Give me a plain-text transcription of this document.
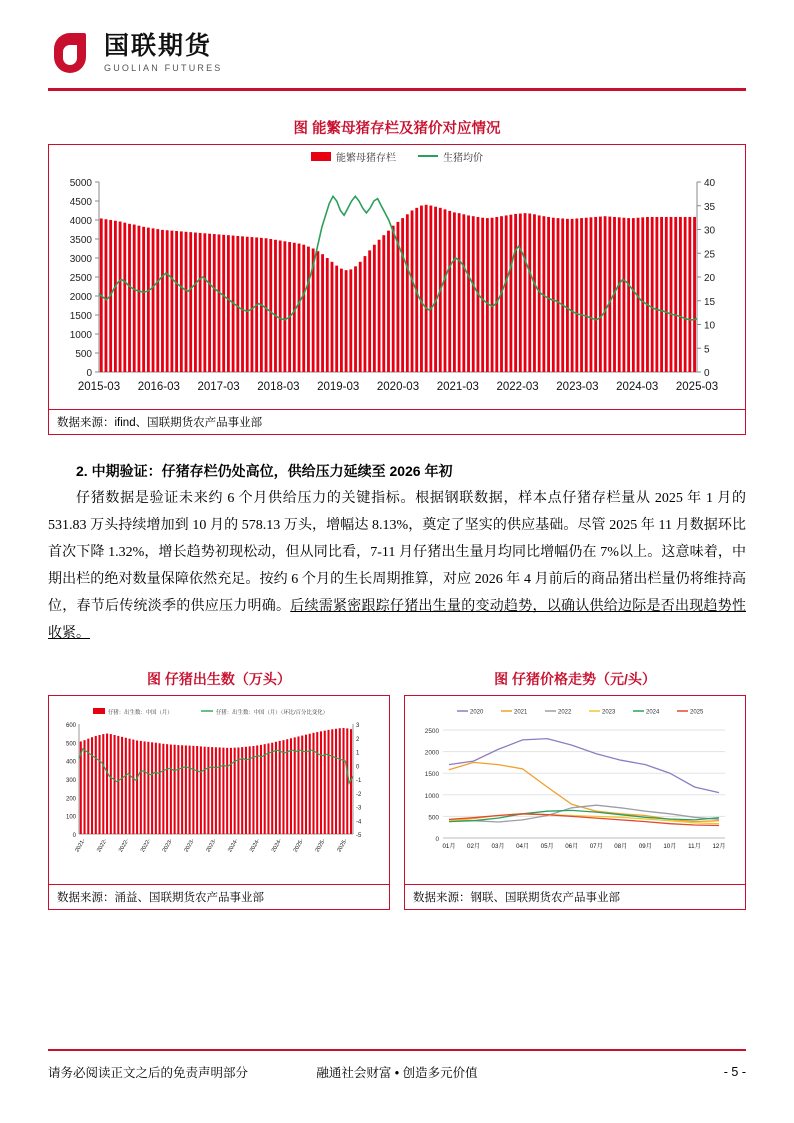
国联期货
GUOLIAN FUTURES
图 能繁母猪存栏及猪价对应情况
能繁母猪存栏	生猪均价
0
500
1000
1500
2000
2500
3000
3500
4000
4500
5000
0
5
10
15
20
25
30
35
40
2015-03 2016-03 2017-03 2018-03 2019-03 2020-03 2021-03 2022-03 2023-03 2024-03 2025-03
数据来源：ifind、国联期货农产品事业部
2. 中期验证：仔猪存栏仍处高位，供给压力延续至 2026 年初

仔猪数据是验证未来约 6 个月供给压力的关键指标。根据钢联数据，样本点仔猪存栏量从 2025 年 1 月的 531.83 万头持续增加到 10 月的 578.13 万头，增幅达 8.13%，奠定了坚实的供应基础。尽管 2025 年 11 月数据环比首次下降 1.32%，增长趋势初现松动，但从同比看，7-11 月仔猪出生量月均同比增幅仍在 7%以上。这意味着，中期出栏的绝对数量保障依然充足。按约 6 个月的生长周期推算，对应 2026 年 4 月前后的商品猪出栏量仍将维持高位，春节后传统淡季的供应压力明确。后续需紧密跟踪仔猪出生量的变动趋势，以确认供给边际是否出现趋势性收紧。

图 仔猪出生数（万头）
仔猪：出生数：中国（月）	仔猪：出生数：中国（月）（环比/百分比变化）
0
100
200
300
400
500
600
-5
-4
-3
-2
-1
0
1
2
3
2021- 2022- 2022- 2022- 2023- 2023- 2023- 2024- 2024- 2024- 2025- 2025- 2025-
数据来源：涌益、国联期货农产品事业部
图 仔猪价格走势（元/头）
0
500
1000
1500
2000
2500
2020	2021	2022	2023	2024	2025
01月 02月 03月 04月 05月 06月 07月 08月 09月 10月 11月 12月
数据来源：钢联、国联期货农产品事业部
请务必阅读正文之后的免责声明部分	融通社会财富 • 创造多元价值	- 5 -
